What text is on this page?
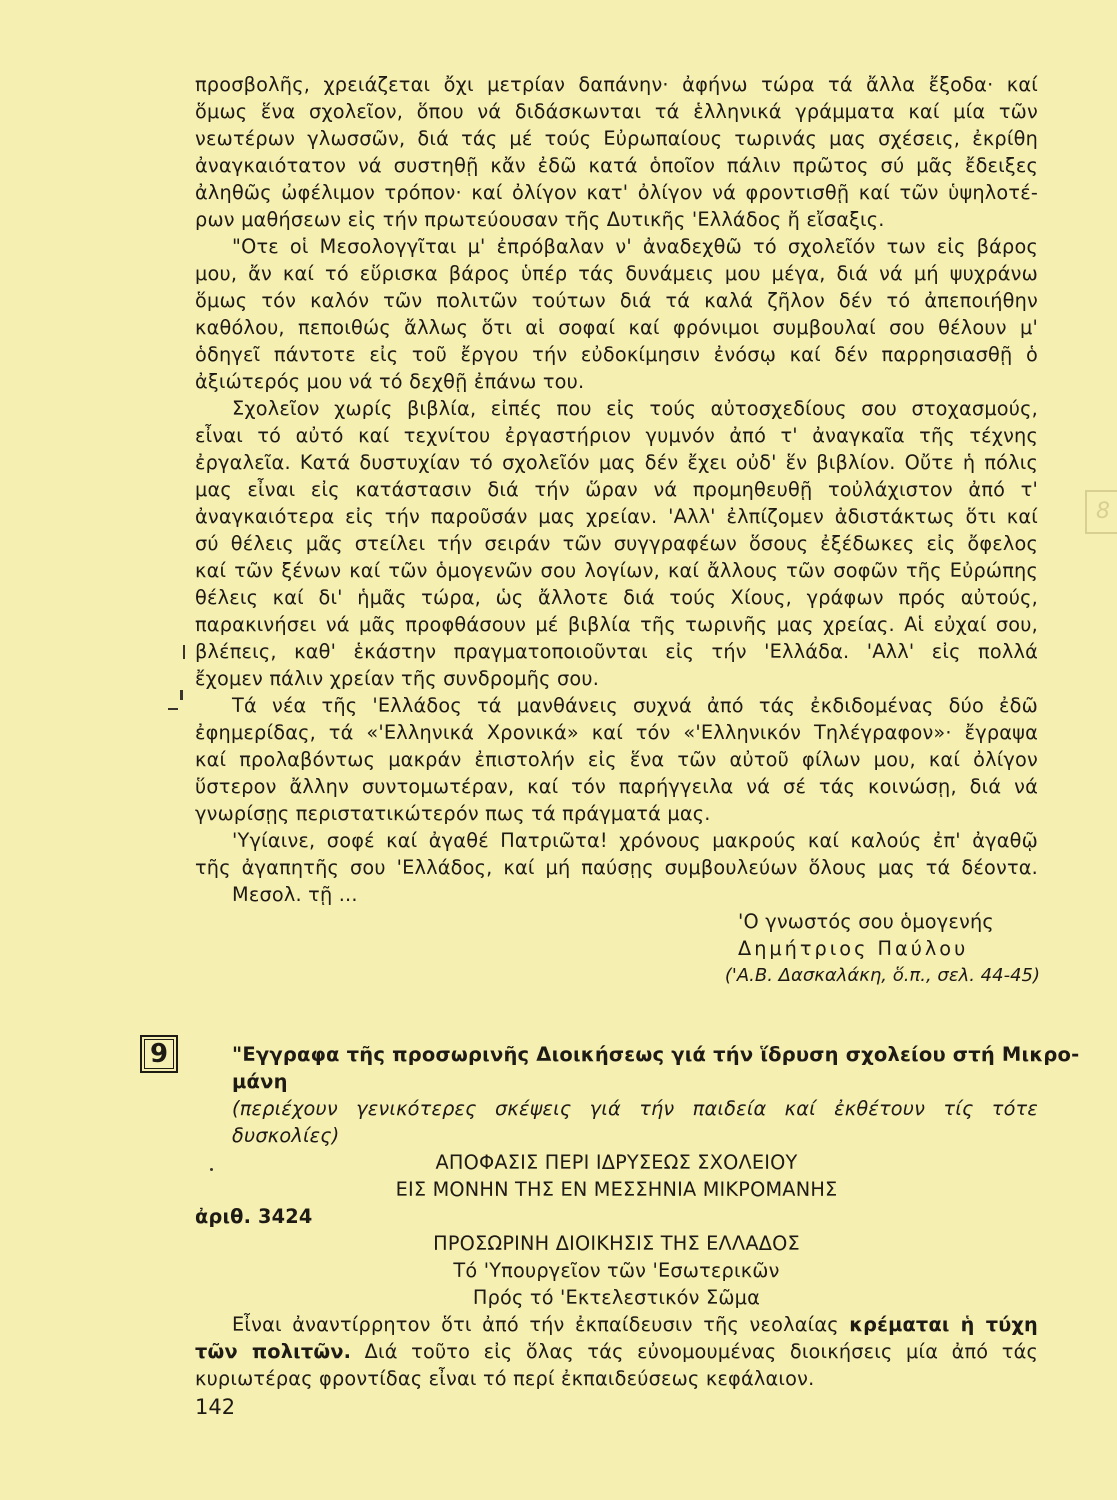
προσβολῆς, χρειάζεται ὄχι μετρίαν δαπάνην· ἀφήνω τώρα τά ἄλλα ἔξοδα· καί
ὅμως ἕνα σχολεῖον, ὅπου νά διδάσκωνται τά ἑλληνικά γράμματα καί μία τῶν
νεωτέρων γλωσσῶν, διά τάς μέ τούς Εὐρωπαίους τωρινάς μας σχέσεις, ἐκρίθη
ἀναγκαιότατον νά συστηθῇ κἄν ἐδῶ κατά ὁποῖον πάλιν πρῶτος σύ μᾶς ἔδειξες
ἀληθῶς ὠφέλιμον τρόπον· καί ὀλίγον κατ' ὀλίγον νά φροντισθῇ καί τῶν ὑψηλοτέ-
ρων μαθήσεων εἰς τήν πρωτεύουσαν τῆς Δυτικῆς 'Ελλάδος ἤ εἴσαξις.
"Οτε οἱ Μεσολογγῖται μ' ἐπρόβαλαν ν' ἀναδεχθῶ τό σχολεῖόν των εἰς βάρος
μου, ἄν καί τό εὕρισκα βάρος ὑπέρ τάς δυνάμεις μου μέγα, διά νά μή ψυχράνω
ὅμως τόν καλόν τῶν πολιτῶν τούτων διά τά καλά ζῆλον δέν τό ἀπεποιήθην
καθόλου, πεποιθώς ἄλλως ὅτι αἱ σοφαί καί φρόνιμοι συμβουλαί σου θέλουν μ'
ὁδηγεῖ πάντοτε εἰς τοῦ ἔργου τήν εὐδοκίμησιν ἐνόσῳ καί δέν παρρησιασθῇ ὁ
ἀξιώτερός μου νά τό δεχθῇ ἐπάνω του.
Σχολεῖον χωρίς βιβλία, εἰπές που εἰς τούς αὐτοσχεδίους σου στοχασμούς,
εἶναι τό αὐτό καί τεχνίτου ἐργαστήριον γυμνόν ἀπό τ' ἀναγκαῖα τῆς τέχνης
ἐργαλεῖα. Κατά δυστυχίαν τό σχολεῖόν μας δέν ἔχει οὐδ' ἕν βιβλίον. Οὔτε ἡ πόλις
μας εἶναι εἰς κατάστασιν διά τήν ὥραν νά προμηθευθῇ τοὐλάχιστον ἀπό τ'
ἀναγκαιότερα εἰς τήν παροῦσάν μας χρείαν. 'Αλλ' ἐλπίζομεν ἀδιστάκτως ὅτι καί
σύ θέλεις μᾶς στείλει τήν σειράν τῶν συγγραφέων ὅσους ἐξέδωκες εἰς ὄφελος
καί τῶν ξένων καί τῶν ὁμογενῶν σου λογίων, καί ἄλλους τῶν σοφῶν τῆς Εὐρώπης
θέλεις καί δι' ἡμᾶς τώρα, ὡς ἄλλοτε διά τούς Χίους, γράφων πρός αὐτούς,
παρακινήσει νά μᾶς προφθάσουν μέ βιβλία τῆς τωρινῆς μας χρείας. Αἱ εὐχαί σου,
βλέπεις, καθ' ἑκάστην πραγματοποιοῦνται εἰς τήν 'Ελλάδα. 'Αλλ' εἰς πολλά
ἔχομεν πάλιν χρείαν τῆς συνδρομῆς σου.
Τά νέα τῆς 'Ελλάδος τά μανθάνεις συχνά ἀπό τάς ἐκδιδομένας δύο ἐδῶ
ἐφημερίδας, τά «'Ελληνικά Χρονικά» καί τόν «'Ελληνικόν Τηλέγραφον»· ἔγραψα
καί προλαβόντως μακράν ἐπιστολήν εἰς ἕνα τῶν αὐτοῦ φίλων μου, καί ὀλίγον
ὕστερον ἄλλην συντομωτέραν, καί τόν παρήγγειλα νά σέ τάς κοινώσῃ, διά νά
γνωρίσῃς περιστατικώτερόν πως τά πράγματά μας.
'Υγίαινε, σοφέ καί ἀγαθέ Πατριῶτα! χρόνους μακρούς καί καλούς ἐπ' ἀγαθῷ
τῆς ἀγαπητῆς σου 'Ελλάδος, καί μή παύσῃς συμβουλεύων ὅλους μας τά δέοντα.
Μεσολ. τῇ ...
'Ο γνωστός σου ὁμογενής
Δημήτριος Παύλου
('Α.Β. Δασκαλάκη, ὅ.π., σελ. 44-45)
9	"Εγγραφα τῆς προσωρινῆς Διοικήσεως γιά τήν ἵδρυση σχολείου στή Μικρο-
μάνη
(περιέχουν γενικότερες σκέψεις γιά τήν παιδεία καί ἐκθέτουν τίς τότε
δυσκολίες)
ΑΠΟΦΑΣΙΣ ΠΕΡΙ ΙΔΡΥΣΕΩΣ ΣΧΟΛΕΙΟΥ
ΕΙΣ ΜΟΝΗΝ ΤΗΣ ΕΝ ΜΕΣΣΗΝΙΑ ΜΙΚΡΟΜΑΝΗΣ
ἀριθ. 3424
ΠΡΟΣΩΡΙΝΗ ΔΙΟΙΚΗΣΙΣ ΤΗΣ ΕΛΛΑΔΟΣ
Τό 'Υπουργεῖον τῶν 'Εσωτερικῶν
Πρός τό 'Εκτελεστικόν Σῶμα
Εἶναι ἀναντίρρητον ὅτι ἀπό τήν ἐκπαίδευσιν τῆς νεολαίας κρέμαται ἡ τύχη
τῶν πολιτῶν. Διά τοῦτο εἰς ὅλας τάς εὐνομουμένας διοικήσεις μία ἀπό τάς
κυριωτέρας φροντίδας εἶναι τό περί ἐκπαιδεύσεως κεφάλαιον.
142
8
